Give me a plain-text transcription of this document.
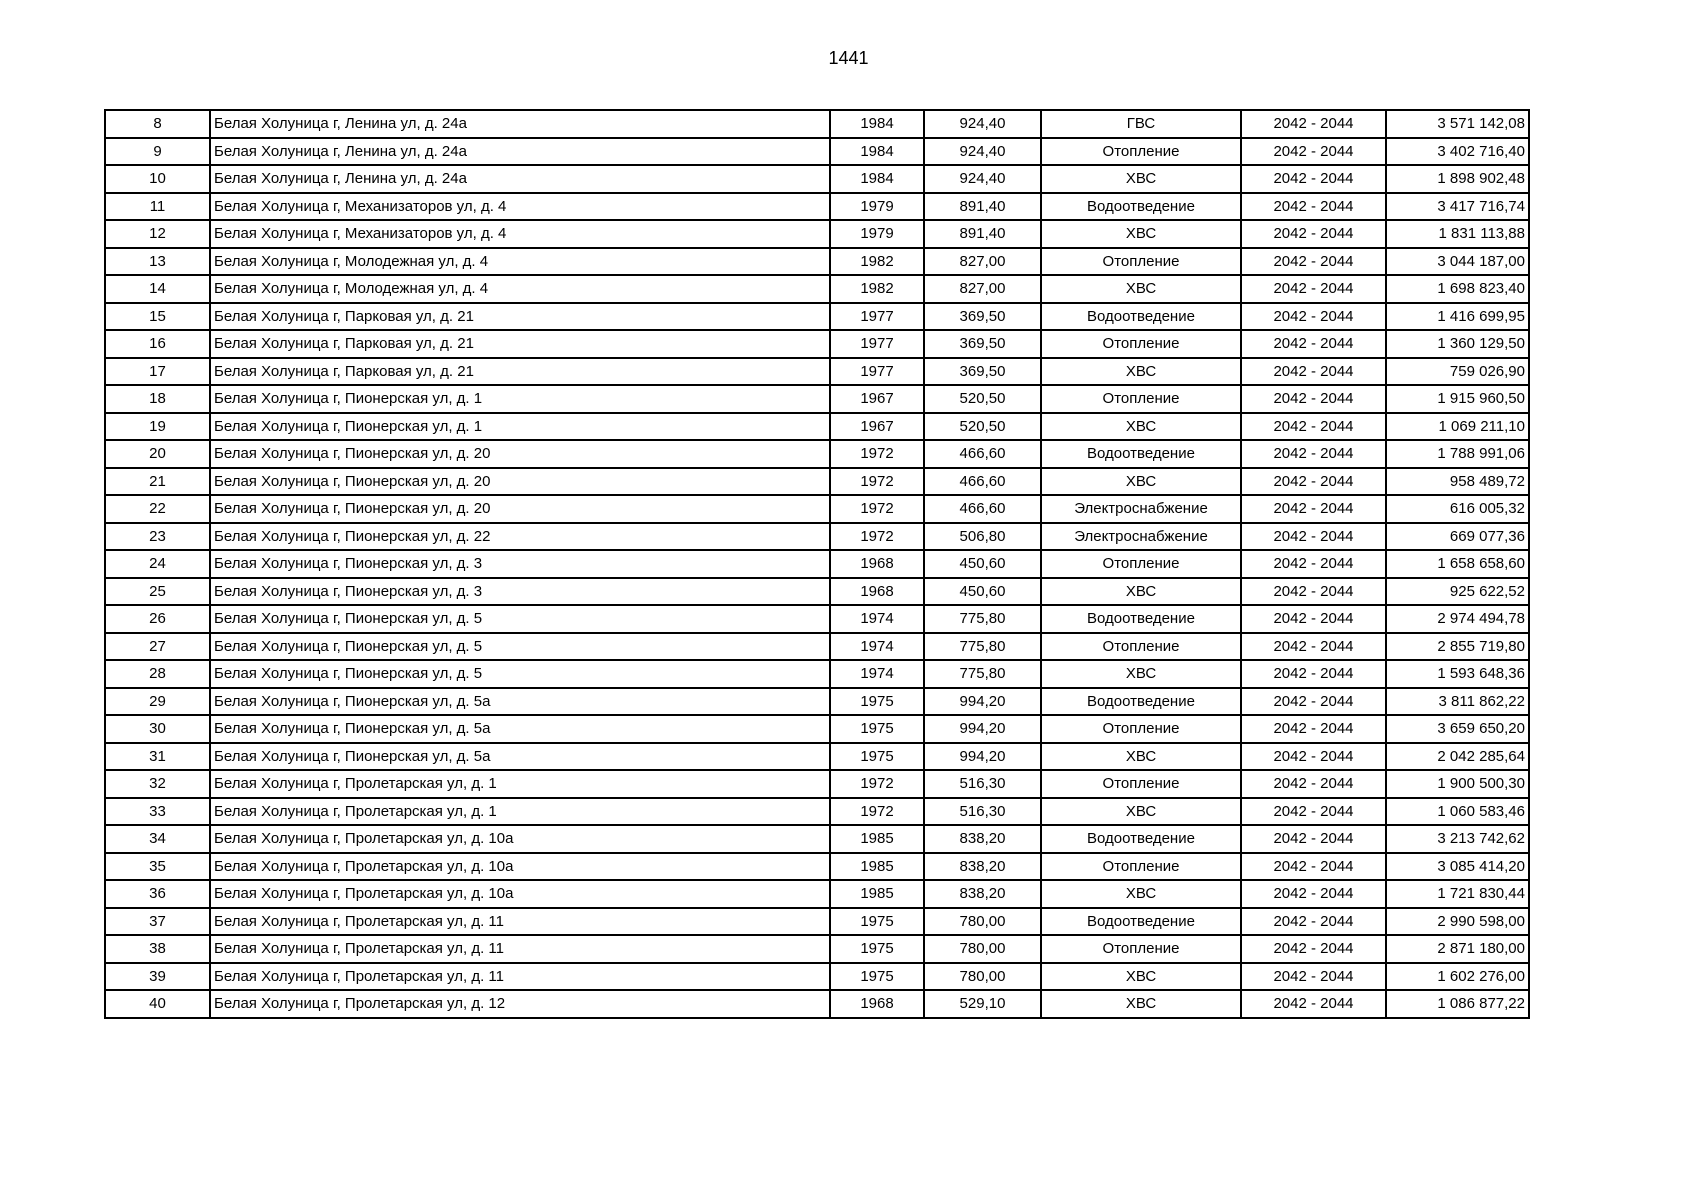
1441
8	Белая Холуница г, Ленина ул, д. 24а	1984	924,40	ГВС	2042 - 2044	3 571 142,08
9	Белая Холуница г, Ленина ул, д. 24а	1984	924,40	Отопление	2042 - 2044	3 402 716,40
10	Белая Холуница г, Ленина ул, д. 24а	1984	924,40	ХВС	2042 - 2044	1 898 902,48
11	Белая Холуница г, Механизаторов ул, д. 4	1979	891,40	Водоотведение	2042 - 2044	3 417 716,74
12	Белая Холуница г, Механизаторов ул, д. 4	1979	891,40	ХВС	2042 - 2044	1 831 113,88
13	Белая Холуница г, Молодежная ул, д. 4	1982	827,00	Отопление	2042 - 2044	3 044 187,00
14	Белая Холуница г, Молодежная ул, д. 4	1982	827,00	ХВС	2042 - 2044	1 698 823,40
15	Белая Холуница г, Парковая ул, д. 21	1977	369,50	Водоотведение	2042 - 2044	1 416 699,95
16	Белая Холуница г, Парковая ул, д. 21	1977	369,50	Отопление	2042 - 2044	1 360 129,50
17	Белая Холуница г, Парковая ул, д. 21	1977	369,50	ХВС	2042 - 2044	759 026,90
18	Белая Холуница г, Пионерская ул, д. 1	1967	520,50	Отопление	2042 - 2044	1 915 960,50
19	Белая Холуница г, Пионерская ул, д. 1	1967	520,50	ХВС	2042 - 2044	1 069 211,10
20	Белая Холуница г, Пионерская ул, д. 20	1972	466,60	Водоотведение	2042 - 2044	1 788 991,06
21	Белая Холуница г, Пионерская ул, д. 20	1972	466,60	ХВС	2042 - 2044	958 489,72
22	Белая Холуница г, Пионерская ул, д. 20	1972	466,60	Электроснабжение	2042 - 2044	616 005,32
23	Белая Холуница г, Пионерская ул, д. 22	1972	506,80	Электроснабжение	2042 - 2044	669 077,36
24	Белая Холуница г, Пионерская ул, д. 3	1968	450,60	Отопление	2042 - 2044	1 658 658,60
25	Белая Холуница г, Пионерская ул, д. 3	1968	450,60	ХВС	2042 - 2044	925 622,52
26	Белая Холуница г, Пионерская ул, д. 5	1974	775,80	Водоотведение	2042 - 2044	2 974 494,78
27	Белая Холуница г, Пионерская ул, д. 5	1974	775,80	Отопление	2042 - 2044	2 855 719,80
28	Белая Холуница г, Пионерская ул, д. 5	1974	775,80	ХВС	2042 - 2044	1 593 648,36
29	Белая Холуница г, Пионерская ул, д. 5а	1975	994,20	Водоотведение	2042 - 2044	3 811 862,22
30	Белая Холуница г, Пионерская ул, д. 5а	1975	994,20	Отопление	2042 - 2044	3 659 650,20
31	Белая Холуница г, Пионерская ул, д. 5а	1975	994,20	ХВС	2042 - 2044	2 042 285,64
32	Белая Холуница г, Пролетарская ул, д. 1	1972	516,30	Отопление	2042 - 2044	1 900 500,30
33	Белая Холуница г, Пролетарская ул, д. 1	1972	516,30	ХВС	2042 - 2044	1 060 583,46
34	Белая Холуница г, Пролетарская ул, д. 10а	1985	838,20	Водоотведение	2042 - 2044	3 213 742,62
35	Белая Холуница г, Пролетарская ул, д. 10а	1985	838,20	Отопление	2042 - 2044	3 085 414,20
36	Белая Холуница г, Пролетарская ул, д. 10а	1985	838,20	ХВС	2042 - 2044	1 721 830,44
37	Белая Холуница г, Пролетарская ул, д. 11	1975	780,00	Водоотведение	2042 - 2044	2 990 598,00
38	Белая Холуница г, Пролетарская ул, д. 11	1975	780,00	Отопление	2042 - 2044	2 871 180,00
39	Белая Холуница г, Пролетарская ул, д. 11	1975	780,00	ХВС	2042 - 2044	1 602 276,00
40	Белая Холуница г, Пролетарская ул, д. 12	1968	529,10	ХВС	2042 - 2044	1 086 877,22
